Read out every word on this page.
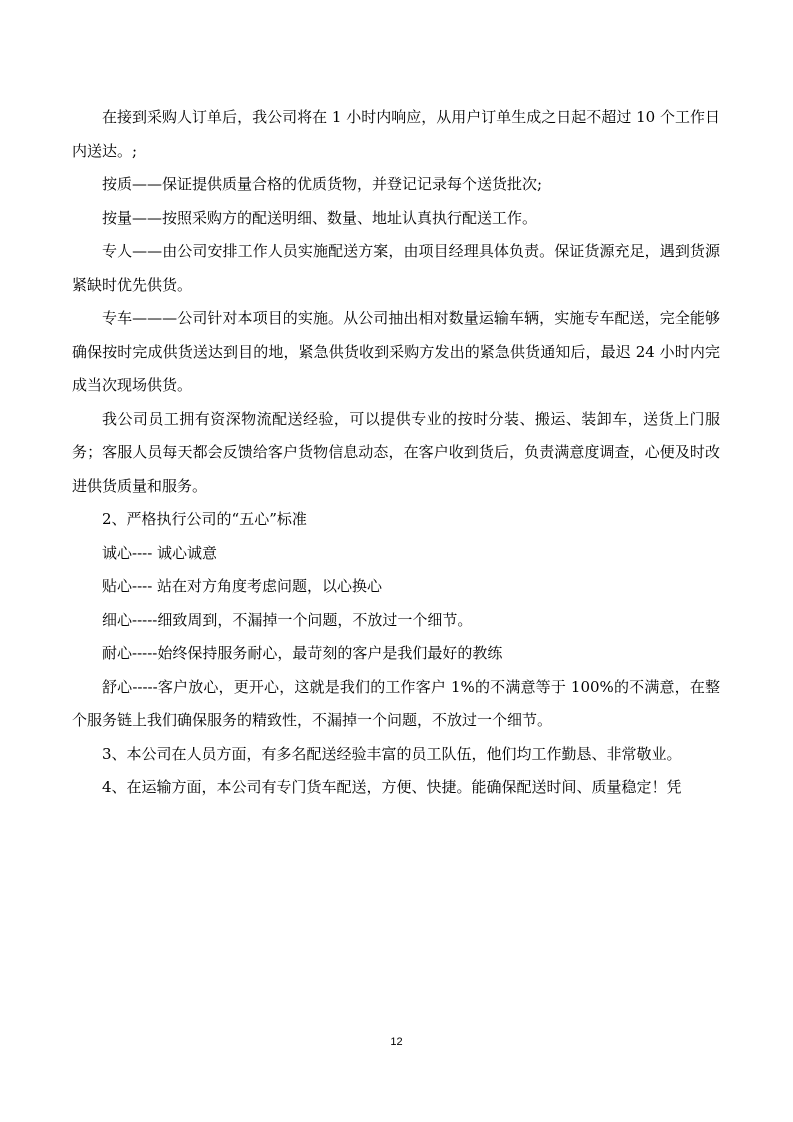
在接到采购人订单后，我公司将在 1 小时内响应，从用户订单生成之日起不超过 10 个工作日内送达。;

按质——保证提供质量合格的优质货物，并登记记录每个送货批次;

按量——按照采购方的配送明细、数量、地址认真执行配送工作。

专人——由公司安排工作人员实施配送方案，由项目经理具体负责。保证货源充足，遇到货源紧缺时优先供货。

专车———公司针对本项目的实施。从公司抽出相对数量运输车辆，实施专车配送，完全能够确保按时完成供货送达到目的地，紧急供货收到采购方发出的紧急供货通知后，最迟 24 小时内完成当次现场供货。

我公司员工拥有资深物流配送经验，可以提供专业的按时分装、搬运、装卸车，送货上门服务；客服人员每天都会反馈给客户货物信息动态，在客户收到货后，负责满意度调查，心便及时改进供货质量和服务。

2、严格执行公司的“五心”标准

诚心---- 诚心诚意

贴心---- 站在对方角度考虑问题，以心换心

细心-----细致周到，不漏掉一个问题，不放过一个细节。

耐心-----始终保持服务耐心，最苛刻的客户是我们最好的教练

舒心-----客户放心，更开心，这就是我们的工作客户 1%的不满意等于 100%的不满意，在整个服务链上我们确保服务的精致性，不漏掉一个问题，不放过一个细节。

3、本公司在人员方面，有多名配送经验丰富的员工队伍，他们均工作勤恳、非常敬业。

4、在运输方面，本公司有专门货车配送，方便、快捷。能确保配送时间、质量稳定！凭

12
